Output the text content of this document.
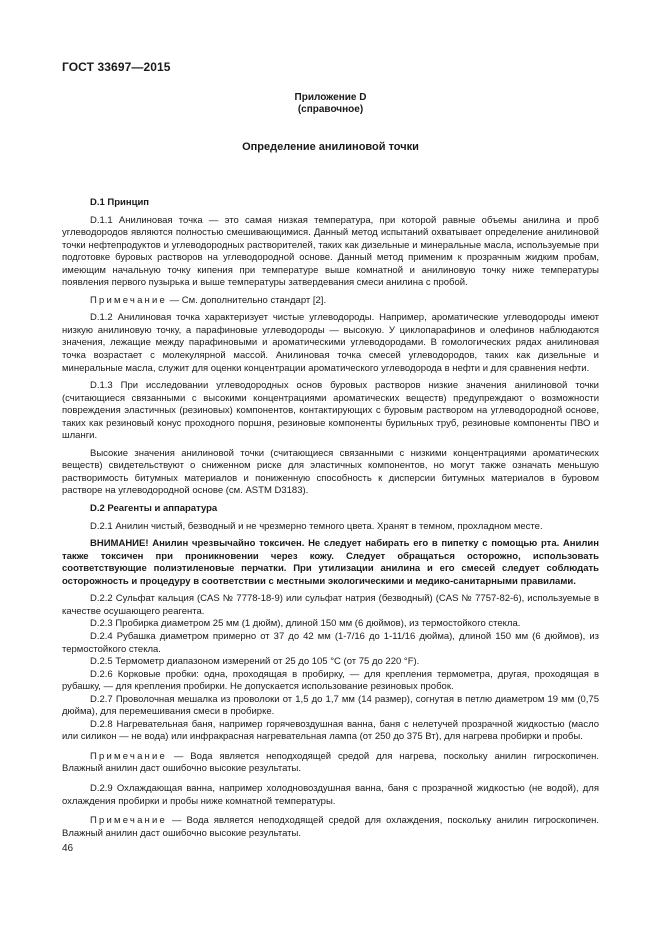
ГОСТ 33697—2015
Приложение D
(справочное)
Определение анилиновой точки
D.1 Принцип

D.1.1 Анилиновая точка — это самая низкая температура, при которой равные объемы анилина и проб углеводородов являются полностью смешивающимися. Данный метод испытаний охватывает определение анилиновой точки нефтепродуктов и углеводородных растворителей, таких как дизельные и минеральные масла, используемые при подготовке буровых растворов на углеводородной основе. Данный метод применим к прозрачным жидким пробам, имеющим начальную точку кипения при температуре выше комнатной и анилиновую точку ниже температуры появления первого пузырька и выше температуры затвердевания смеси анилина с пробой.

Примечание — См. дополнительно стандарт [2].

D.1.2 Анилиновая точка характеризует чистые углеводороды. Например, ароматические углеводороды имеют низкую анилиновую точку, а парафиновые углеводороды — высокую. У циклопарафинов и олефинов наблюдаются значения, лежащие между парафиновыми и ароматическими углеводородами. В гомологических рядах анилиновая точка возрастает с молекулярной массой. Анилиновая точка смесей углеводородов, таких как дизельные и минеральные масла, служит для оценки концентрации ароматического углеводорода в нефти и для сравнения нефти.

D.1.3 При исследовании углеводородных основ буровых растворов низкие значения анилиновой точки (считающиеся связанными с высокими концентрациями ароматических веществ) предупреждают о возможности повреждения эластичных (резиновых) компонентов, контактирующих с буровым раствором на углеводородной основе, таких как резиновый конус проходного поршня, резиновые компоненты бурильных труб, резиновые компоненты ПВО и шланги.

Высокие значения анилиновой точки (считающиеся связанными с низкими концентрациями ароматических веществ) свидетельствуют о сниженном риске для эластичных компонентов, но могут также означать меньшую растворимость битумных материалов и пониженную способность к дисперсии битумных материалов в буровом растворе на углеводородной основе (см. ASTM D3183).

D.2 Реагенты и аппаратура

D.2.1 Анилин чистый, безводный и не чрезмерно темного цвета. Хранят в темном, прохладном месте.

ВНИМАНИЕ! Анилин чрезвычайно токсичен. Не следует набирать его в пипетку с помощью рта. Анилин также токсичен при проникновении через кожу. Следует обращаться осторожно, использовать соответствующие полиэтиленовые перчатки. При утилизации анилина и его смесей следует соблюдать осторожность и процедуру в соответствии с местными экологическими и медико-санитарными правилами.

D.2.2 Сульфат кальция (CAS № 7778-18-9) или сульфат натрия (безводный) (CAS № 7757-82-6), используемые в качестве осушающего реагента.

D.2.3 Пробирка диаметром 25 мм (1 дюйм), длиной 150 мм (6 дюймов), из термостойкого стекла.

D.2.4 Рубашка диаметром примерно от 37 до 42 мм (1-7/16 до 1-11/16 дюйма), длиной 150 мм (6 дюймов), из термостойкого стекла.

D.2.5 Термометр диапазоном измерений от 25 до 105 °С (от 75 до 220 °F).

D.2.6 Корковые пробки: одна, проходящая в пробирку, — для крепления термометра, другая, проходящая в рубашку, — для крепления пробирки. Не допускается использование резиновых пробок.

D.2.7 Проволочная мешалка из проволоки от 1,5 до 1,7 мм (14 размер), согнутая в петлю диаметром 19 мм (0,75 дюйма), для перемешивания смеси в пробирке.

D.2.8 Нагревательная баня, например горячевоздушная ванна, баня с нелетучей прозрачной жидкостью (масло или силикон — не вода) или инфракрасная нагревательная лампа (от 250 до 375 Вт), для нагрева пробирки и пробы.

Примечание — Вода является неподходящей средой для нагрева, поскольку анилин гигроскопичен. Влажный анилин даст ошибочно высокие результаты.

D.2.9 Охлаждающая ванна, например холодновоздушная ванна, баня с прозрачной жидкостью (не водой), для охлаждения пробирки и пробы ниже комнатной температуры.

Примечание — Вода является неподходящей средой для охлаждения, поскольку анилин гигроскопичен. Влажный анилин даст ошибочно высокие результаты.

46
